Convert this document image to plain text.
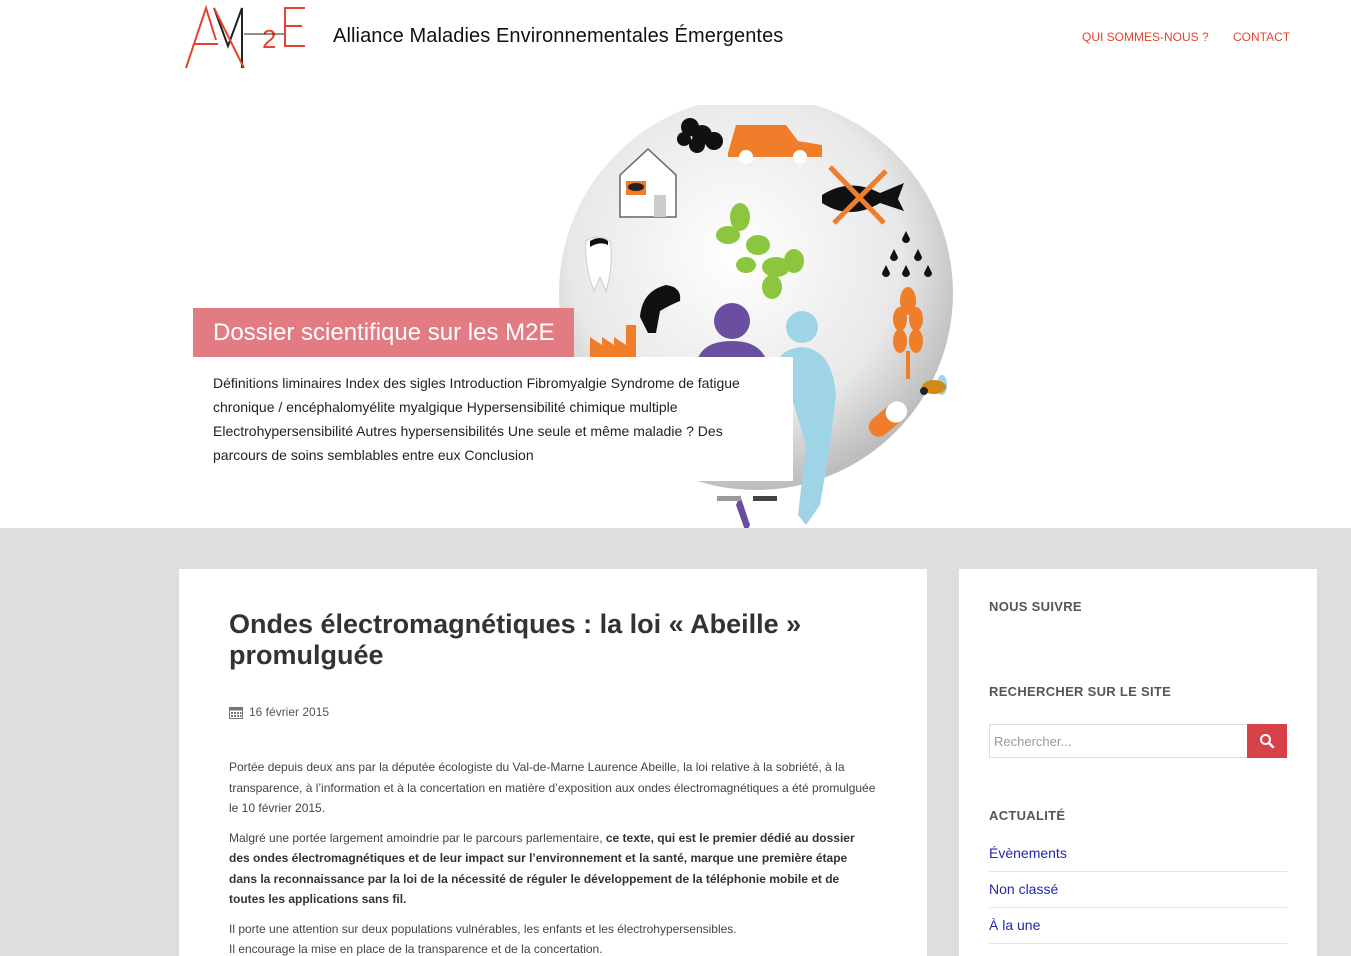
2	Alliance Maladies Environnementales Émergentes	QUI SOMMES-NOUS ? CONTACT
Dossier scientifique sur les M2E
Définitions liminaires Index des sigles Introduction Fibromyalgie Syndrome de fatigue chronique / encéphalomyélite myalgique Hypersensibilité chimique multiple Electrohypersensibilité Autres hypersensibilités Une seule et même maladie ? Des parcours de soins semblables entre eux Conclusion
Ondes électromagnétiques : la loi « Abeille » promulguée
16 février 2015

Portée depuis deux ans par la députée écologiste du Val-de-Marne Laurence Abeille, la loi relative à la sobriété, à la transparence, à l’information et à la concertation en matière d’exposition aux ondes électromagnétiques a été promulguée le 10 février 2015.

Malgré une portée largement amoindrie par le parcours parlementaire, ce texte, qui est le premier dédié au dossier des ondes électromagnétiques et de leur impact sur l’environnement et la santé, marque une première étape dans la reconnaissance par la loi de la nécessité de réguler le développement de la téléphonie mobile et de toutes les applications sans fil.

Il porte une attention sur deux populations vulnérables, les enfants et les électrohypersensibles.

Il encourage la mise en place de la transparence et de la concertation.

NOUS SUIVRE
RECHERCHER SUR LE SITE
Rechercher...
ACTUALITÉ
Évènements
Non classé
À la une
